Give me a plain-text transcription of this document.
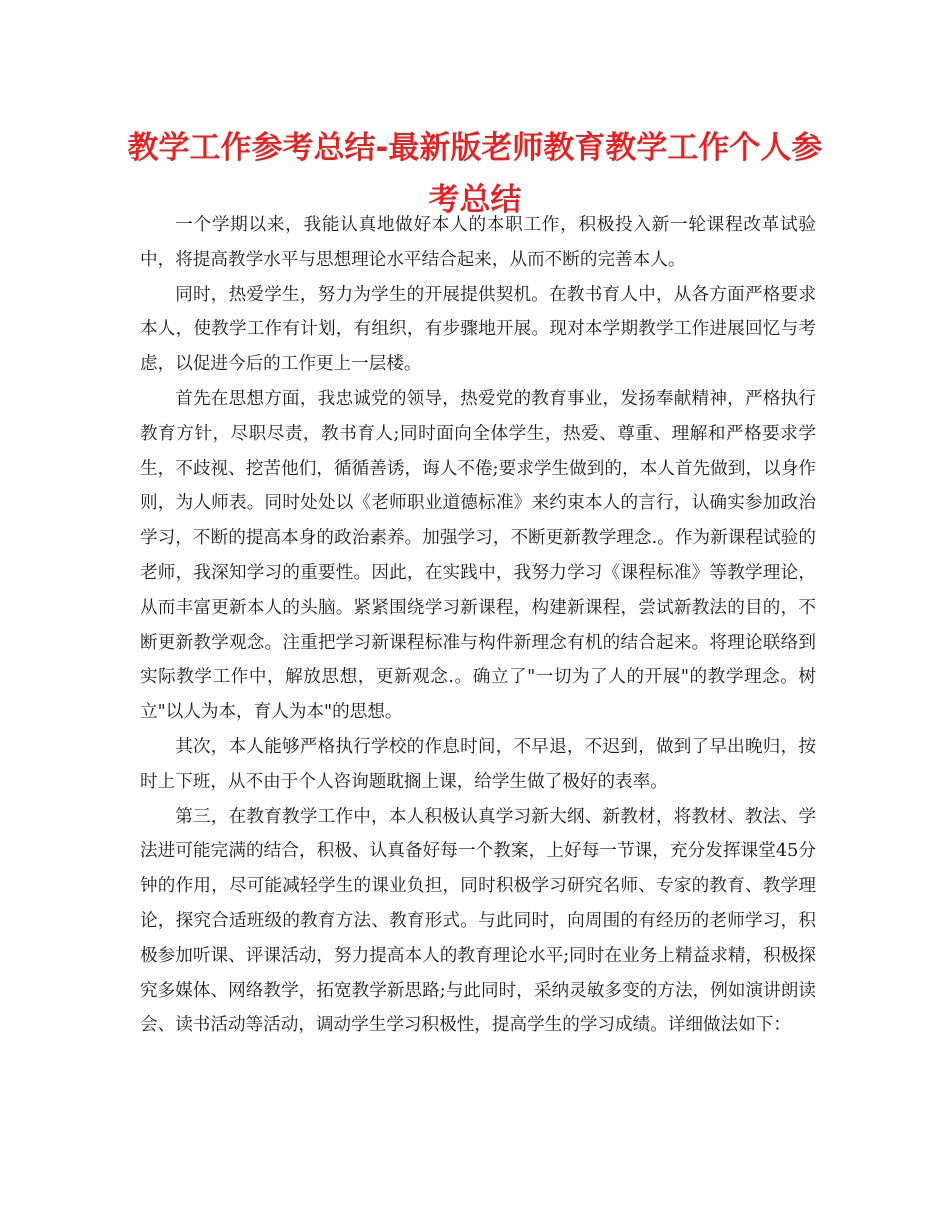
教学工作参考总结-最新版老师教育教学工作个人参考总结

一个学期以来，我能认真地做好本人的本职工作，积极投入新一轮课程改革试验中，将提高教学水平与思想理论水平结合起来，从而不断的完善本人。

同时，热爱学生，努力为学生的开展提供契机。在教书育人中，从各方面严格要求本人，使教学工作有计划，有组织，有步骤地开展。现对本学期教学工作进展回忆与考虑，以促进今后的工作更上一层楼。

首先在思想方面，我忠诚党的领导，热爱党的教育事业，发扬奉献精神，严格执行教育方针，尽职尽责，教书育人;同时面向全体学生，热爱、尊重、理解和严格要求学生，不歧视、挖苦他们，循循善诱，诲人不倦;要求学生做到的，本人首先做到，以身作则，为人师表。同时处处以《老师职业道德标准》来约束本人的言行，认确实参加政治学习，不断的提高本身的政治素养。加强学习，不断更新教学理念.。作为新课程试验的老师，我深知学习的重要性。因此，在实践中，我努力学习《课程标准》等教学理论，从而丰富更新本人的头脑。紧紧围绕学习新课程，构建新课程，尝试新教法的目的，不断更新教学观念。注重把学习新课程标准与构件新理念有机的结合起来。将理论联络到实际教学工作中，解放思想，更新观念.。确立了"一切为了人的开展"的教学理念。树立"以人为本，育人为本"的思想。

其次，本人能够严格执行学校的作息时间，不早退，不迟到，做到了早出晚归，按时上下班，从不由于个人咨询题耽搁上课，给学生做了极好的表率。

第三，在教育教学工作中，本人积极认真学习新大纲、新教材，将教材、教法、学法进可能完满的结合，积极、认真备好每一个教案，上好每一节课，充分发挥课堂45分钟的作用，尽可能减轻学生的课业负担，同时积极学习研究名师、专家的教育、教学理论，探究合适班级的教育方法、教育形式。与此同时，向周围的有经历的老师学习，积极参加听课、评课活动，努力提高本人的教育理论水平;同时在业务上精益求精，积极探究多媒体、网络教学，拓宽教学新思路;与此同时，采纳灵敏多变的方法，例如演讲朗读会、读书活动等活动，调动学生学习积极性，提高学生的学习成绩。详细做法如下：
